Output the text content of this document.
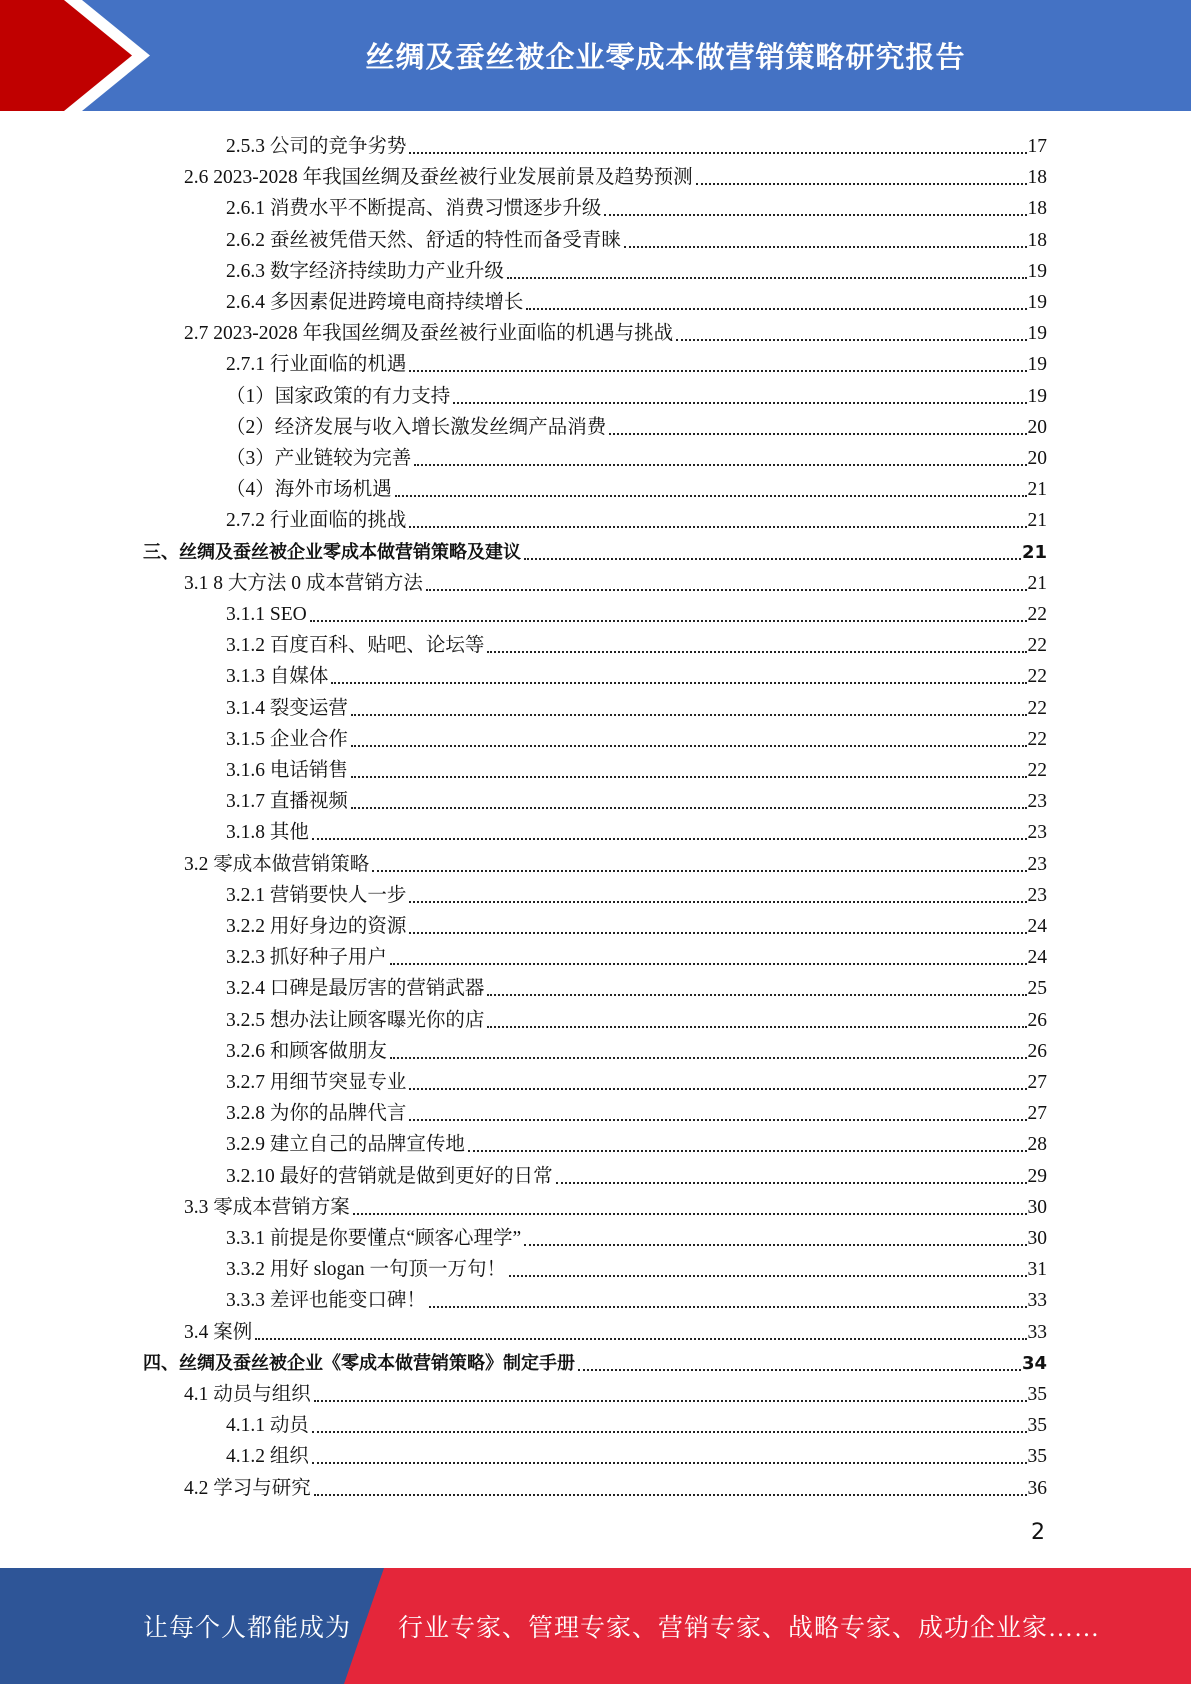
丝绸及蚕丝被企业零成本做营销策略研究报告
2.5.3 公司的竞争劣势	17
2.6 2023-2028 年我国丝绸及蚕丝被行业发展前景及趋势预测	18
2.6.1 消费水平不断提高、消费习惯逐步升级	18
2.6.2 蚕丝被凭借天然、舒适的特性而备受青睐	18
2.6.3 数字经济持续助力产业升级	19
2.6.4 多因素促进跨境电商持续增长	19
2.7 2023-2028 年我国丝绸及蚕丝被行业面临的机遇与挑战	19
2.7.1 行业面临的机遇	19
（1）国家政策的有力支持	19
（2）经济发展与收入增长激发丝绸产品消费	20
（3）产业链较为完善	20
（4）海外市场机遇	21
2.7.2 行业面临的挑战	21
三、丝绸及蚕丝被企业零成本做营销策略及建议	21
3.1 8 大方法 0 成本营销方法	21
3.1.1 SEO	22
3.1.2 百度百科、贴吧、论坛等	22
3.1.3 自媒体	22
3.1.4 裂变运营	22
3.1.5 企业合作	22
3.1.6 电话销售	22
3.1.7 直播视频	23
3.1.8 其他	23
3.2 零成本做营销策略	23
3.2.1 营销要快人一步	23
3.2.2 用好身边的资源	24
3.2.3 抓好种子用户	24
3.2.4 口碑是最厉害的营销武器	25
3.2.5 想办法让顾客曝光你的店	26
3.2.6 和顾客做朋友	26
3.2.7 用细节突显专业	27
3.2.8 为你的品牌代言	27
3.2.9 建立自己的品牌宣传地	28
3.2.10 最好的营销就是做到更好的日常	29
3.3 零成本营销方案	30
3.3.1 前提是你要懂点“顾客心理学”	30
3.3.2 用好 slogan 一句顶一万句！	31
3.3.3 差评也能变口碑！	33
3.4 案例	33
四、丝绸及蚕丝被企业《零成本做营销策略》制定手册	34
4.1 动员与组织	35
4.1.1 动员	35
4.1.2 组织	35
4.2 学习与研究	36
2
让每个人都能成为 行业专家、管理专家、营销专家、战略专家、成功企业家……
